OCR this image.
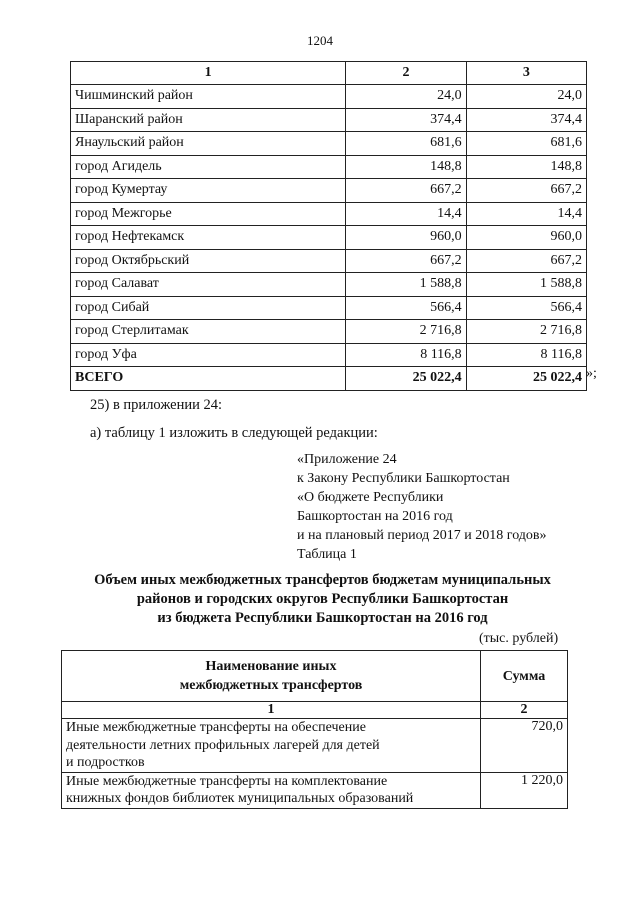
1204
1	2	3
Чишминский район	24,0	24,0
Шаранский район	374,4	374,4
Янаульский район	681,6	681,6
город Агидель	148,8	148,8
город Кумертау	667,2	667,2
город Межгорье	14,4	14,4
город Нефтекамск	960,0	960,0
город Октябрьский	667,2	667,2
город Салават	1 588,8	1 588,8
город Сибай	566,4	566,4
город Стерлитамак	2 716,8	2 716,8
город Уфа	8 116,8	8 116,8
ВСЕГО	25 022,4	25 022,4 »;
25) в приложении 24:
а) таблицу 1 изложить в следующей редакции:
«Приложение 24
к Закону Республики Башкортостан
«О бюджете Республики
Башкортостан на 2016 год
и на плановый период 2017 и 2018 годов»
Таблица 1
Объем иных межбюджетных трансфертов бюджетам муниципальных
районов и городских округов Республики Башкортостан
из бюджета Республики Башкортостан на 2016 год
(тыс. рублей)
Наименование иных
межбюджетных трансфертов	Сумма
1	2

Иные межбюджетные трансферты на обеспечение
деятельности летних профильных лагерей для детей
и подростков	720,0

Иные межбюджетные трансферты на комплектование
книжных фондов библиотек муниципальных образований	1 220,0
